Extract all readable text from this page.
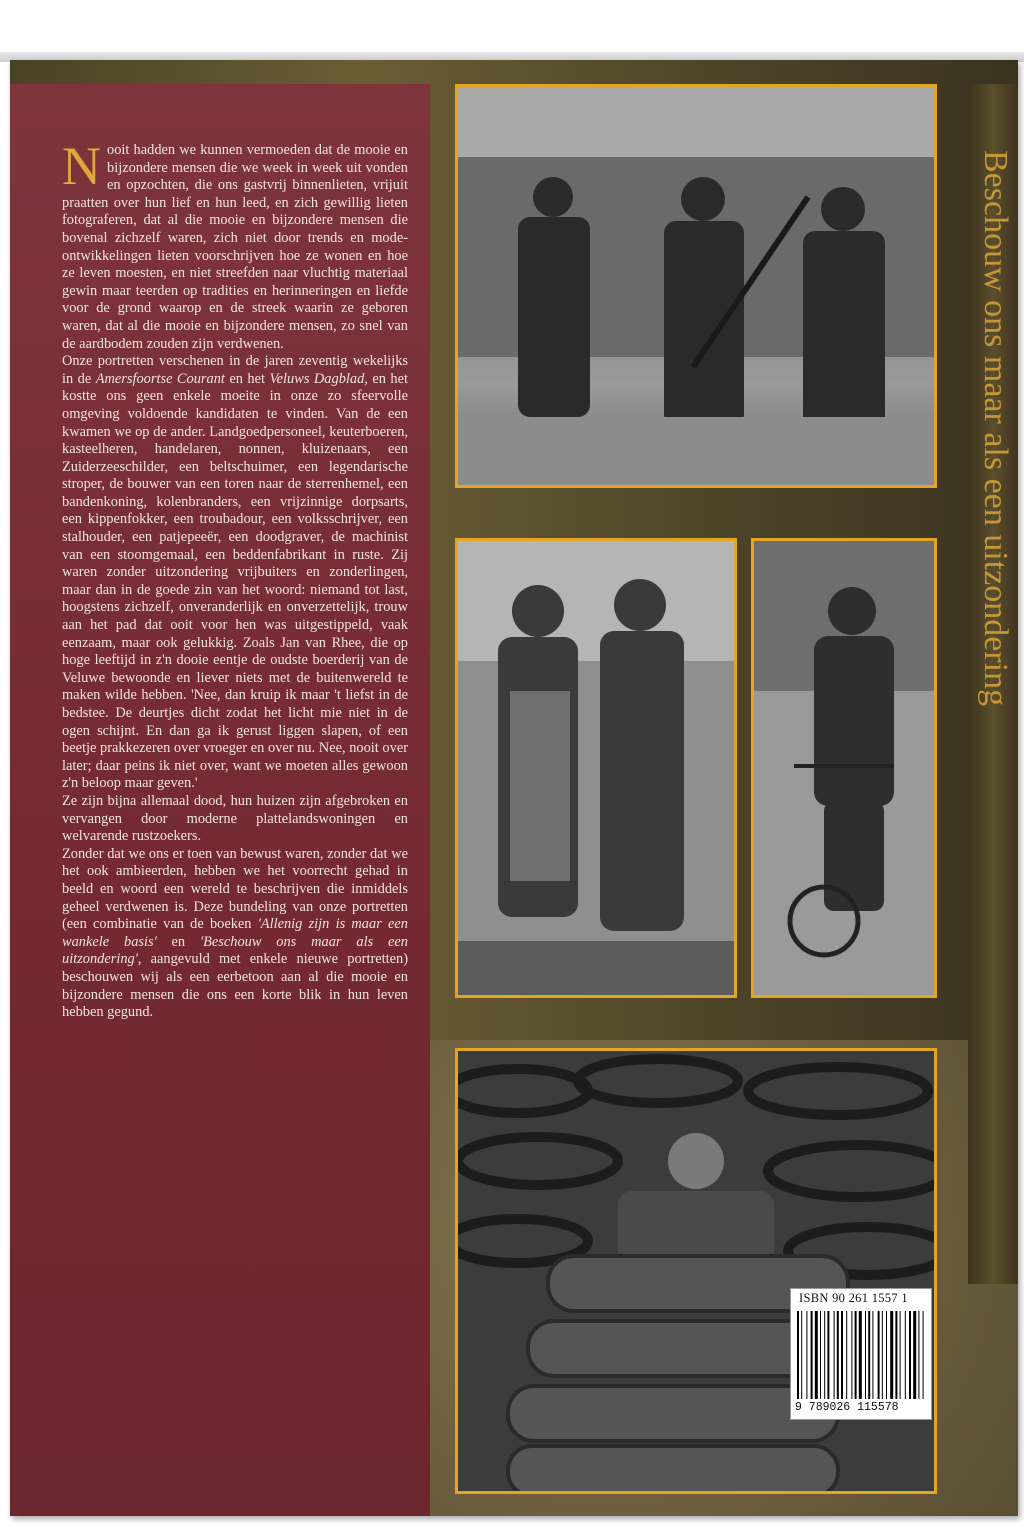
Nooit hadden we kunnen vermoeden dat de mooie en bijzondere mensen die we week in week uit vonden en opzochten, die ons gastvrij binnenlieten, vrijuit praatten over hun lief en hun leed, en zich gewillig lieten fotograferen, dat al die mooie en bijzondere mensen die bovenal zichzelf waren, zich niet door trends en mode-ontwikkelingen lieten voorschrijven hoe ze wonen en hoe ze leven moesten, en niet streefden naar vluchtig materiaal gewin maar teerden op tradities en herinneringen en liefde voor de grond waarop en de streek waarin ze geboren waren, dat al die mooie en bijzondere mensen, zo snel van de aardbodem zouden zijn verdwenen.

Onze portretten verschenen in de jaren zeventig wekelijks in de Amersfoortse Courant en het Veluws Dagblad, en het kostte ons geen enkele moeite in onze zo sfeervolle omgeving voldoende kandidaten te vinden. Van de een kwamen we op de ander. Landgoedpersoneel, keuterboeren, kasteelheren, handelaren, nonnen, kluizenaars, een Zuiderzeeschilder, een beltschuimer, een legendarische stroper, de bouwer van een toren naar de sterrenhemel, een bandenkoning, kolenbranders, een vrijzinnige dorpsarts, een kippenfokker, een troubadour, een volksschrijver, een stalhouder, een patjepeeër, een doodgraver, de machinist van een stoomgemaal, een beddenfabrikant in ruste. Zij waren zonder uitzondering vrijbuiters en zonderlingen, maar dan in de goede zin van het woord: niemand tot last, hoogstens zichzelf, onveranderlijk en onverzettelijk, trouw aan het pad dat ooit voor hen was uitgestippeld, vaak eenzaam, maar ook gelukkig. Zoals Jan van Rhee, die op hoge leeftijd in z'n dooie eentje de oudste boerderij van de Veluwe bewoonde en liever niets met de buitenwereld te maken wilde hebben. 'Nee, dan kruip ik maar 't liefst in de bedstee. De deurtjes dicht zodat het licht mie niet in de ogen schijnt. En dan ga ik gerust liggen slapen, of een beetje prakkezeren over vroeger en over nu. Nee, nooit over later; daar peins ik niet over, want we moeten alles gewoon z'n beloop maar geven.'

Ze zijn bijna allemaal dood, hun huizen zijn afgebroken en vervangen door moderne plattelandswoningen en welvarende rustzoekers.

Zonder dat we ons er toen van bewust waren, zonder dat we het ook ambieerden, hebben we het voorrecht gehad in beeld en woord een wereld te beschrijven die inmiddels geheel verdwenen is. Deze bundeling van onze portretten (een combinatie van de boeken 'Allenig zijn is maar een wankele basis' en 'Beschouw ons maar als een uitzondering', aangevuld met enkele nieuwe portretten) beschouwen wij als een eerbetoon aan al die mooie en bijzondere mensen die ons een korte blik in hun leven hebben gegund.

Beschouw ons maar als een uitzondering
ISBN 90 261 1557 1
9 789026 115578
